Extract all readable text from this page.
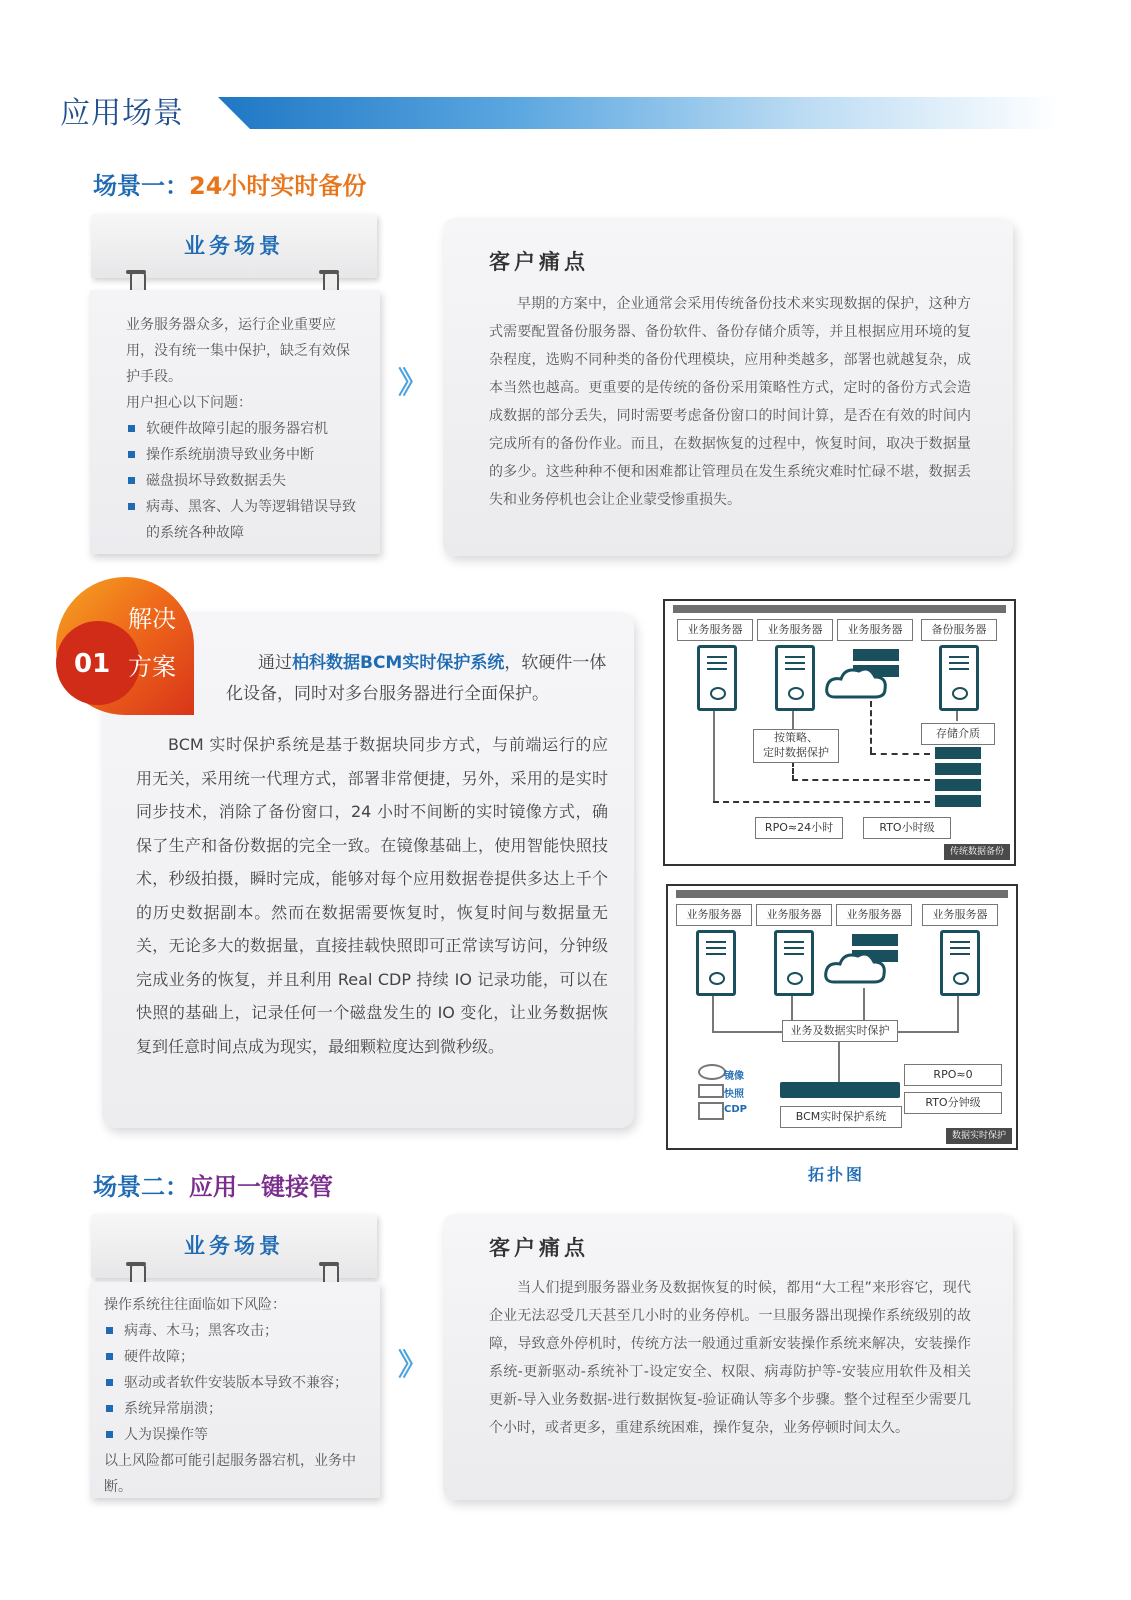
应用场景
场景一：24小时实时备份
业务场景
业务服务器众多，运行企业重要应用，没有统一集中保护，缺乏有效保护手段。
用户担心以下问题：
软硬件故障引起的服务器宕机
操作系统崩溃导致业务中断
磁盘损坏导致数据丢失
病毒、黑客、人为等逻辑错误导致的系统各种故障
》
客户痛点
早期的方案中，企业通常会采用传统备份技术来实现数据的保护，这种方式需要配置备份服务器、备份软件、备份存储介质等，并且根据应用环境的复杂程度，选购不同种类的备份代理模块，应用种类越多，部署也就越复杂，成本当然也越高。更重要的是传统的备份采用策略性方式，定时的备份方式会造成数据的部分丢失，同时需要考虑备份窗口的时间计算，是否在有效的时间内完成所有的备份作业。而且，在数据恢复的过程中，恢复时间，取决于数据量的多少。这些种种不便和困难都让管理员在发生系统灾难时忙碌不堪，数据丢失和业务停机也会让企业蒙受惨重损失。
通过柏科数据BCM实时保护系统，软硬件一体化设备，同时对多台服务器进行全面保护。
BCM 实时保护系统是基于数据块同步方式，与前端运行的应用无关，采用统一代理方式，部署非常便捷，另外，采用的是实时同步技术，消除了备份窗口，24 小时不间断的实时镜像方式，确保了生产和备份数据的完全一致。在镜像基础上，使用智能快照技术，秒级拍摄，瞬时完成，能够对每个应用数据卷提供多达上千个的历史数据副本。然而在数据需要恢复时，恢复时间与数据量无关，无论多大的数据量，直接挂载快照即可正常读写访问，分钟级完成业务的恢复，并且利用 Real CDP 持续 IO 记录功能，可以在快照的基础上，记录任何一个磁盘发生的 IO 变化，让业务数据恢复到任意时间点成为现实，最细颗粒度达到微秒级。
01
解决
方案
业务服务器	业务服务器	业务服务器	备份服务器
按策略、
定时数据保护
存储介质
RPO≈24小时	RTO小时级
传统数据备份
业务服务器	业务服务器	业务服务器	业务服务器
业务及数据实时保护
镜像
快照
CDP
BCM实时保护系统
RPO≈0
RTO分钟级
数据实时保护
拓扑图
场景二：应用一键接管
业务场景
操作系统往往面临如下风险：
病毒、木马；黑客攻击；
硬件故障；
驱动或者软件安装版本导致不兼容；
系统异常崩溃；
人为误操作等
以上风险都可能引起服务器宕机，业务中断。
》
客户痛点
当人们提到服务器业务及数据恢复的时候，都用“大工程”来形容它，现代企业无法忍受几天甚至几小时的业务停机。一旦服务器出现操作系统级别的故障，导致意外停机时，传统方法一般通过重新安装操作系统来解决，安装操作系统-更新驱动-系统补丁-设定安全、权限、病毒防护等-安装应用软件及相关更新-导入业务数据-进行数据恢复-验证确认等多个步骤。整个过程至少需要几个小时，或者更多，重建系统困难，操作复杂，业务停顿时间太久。
